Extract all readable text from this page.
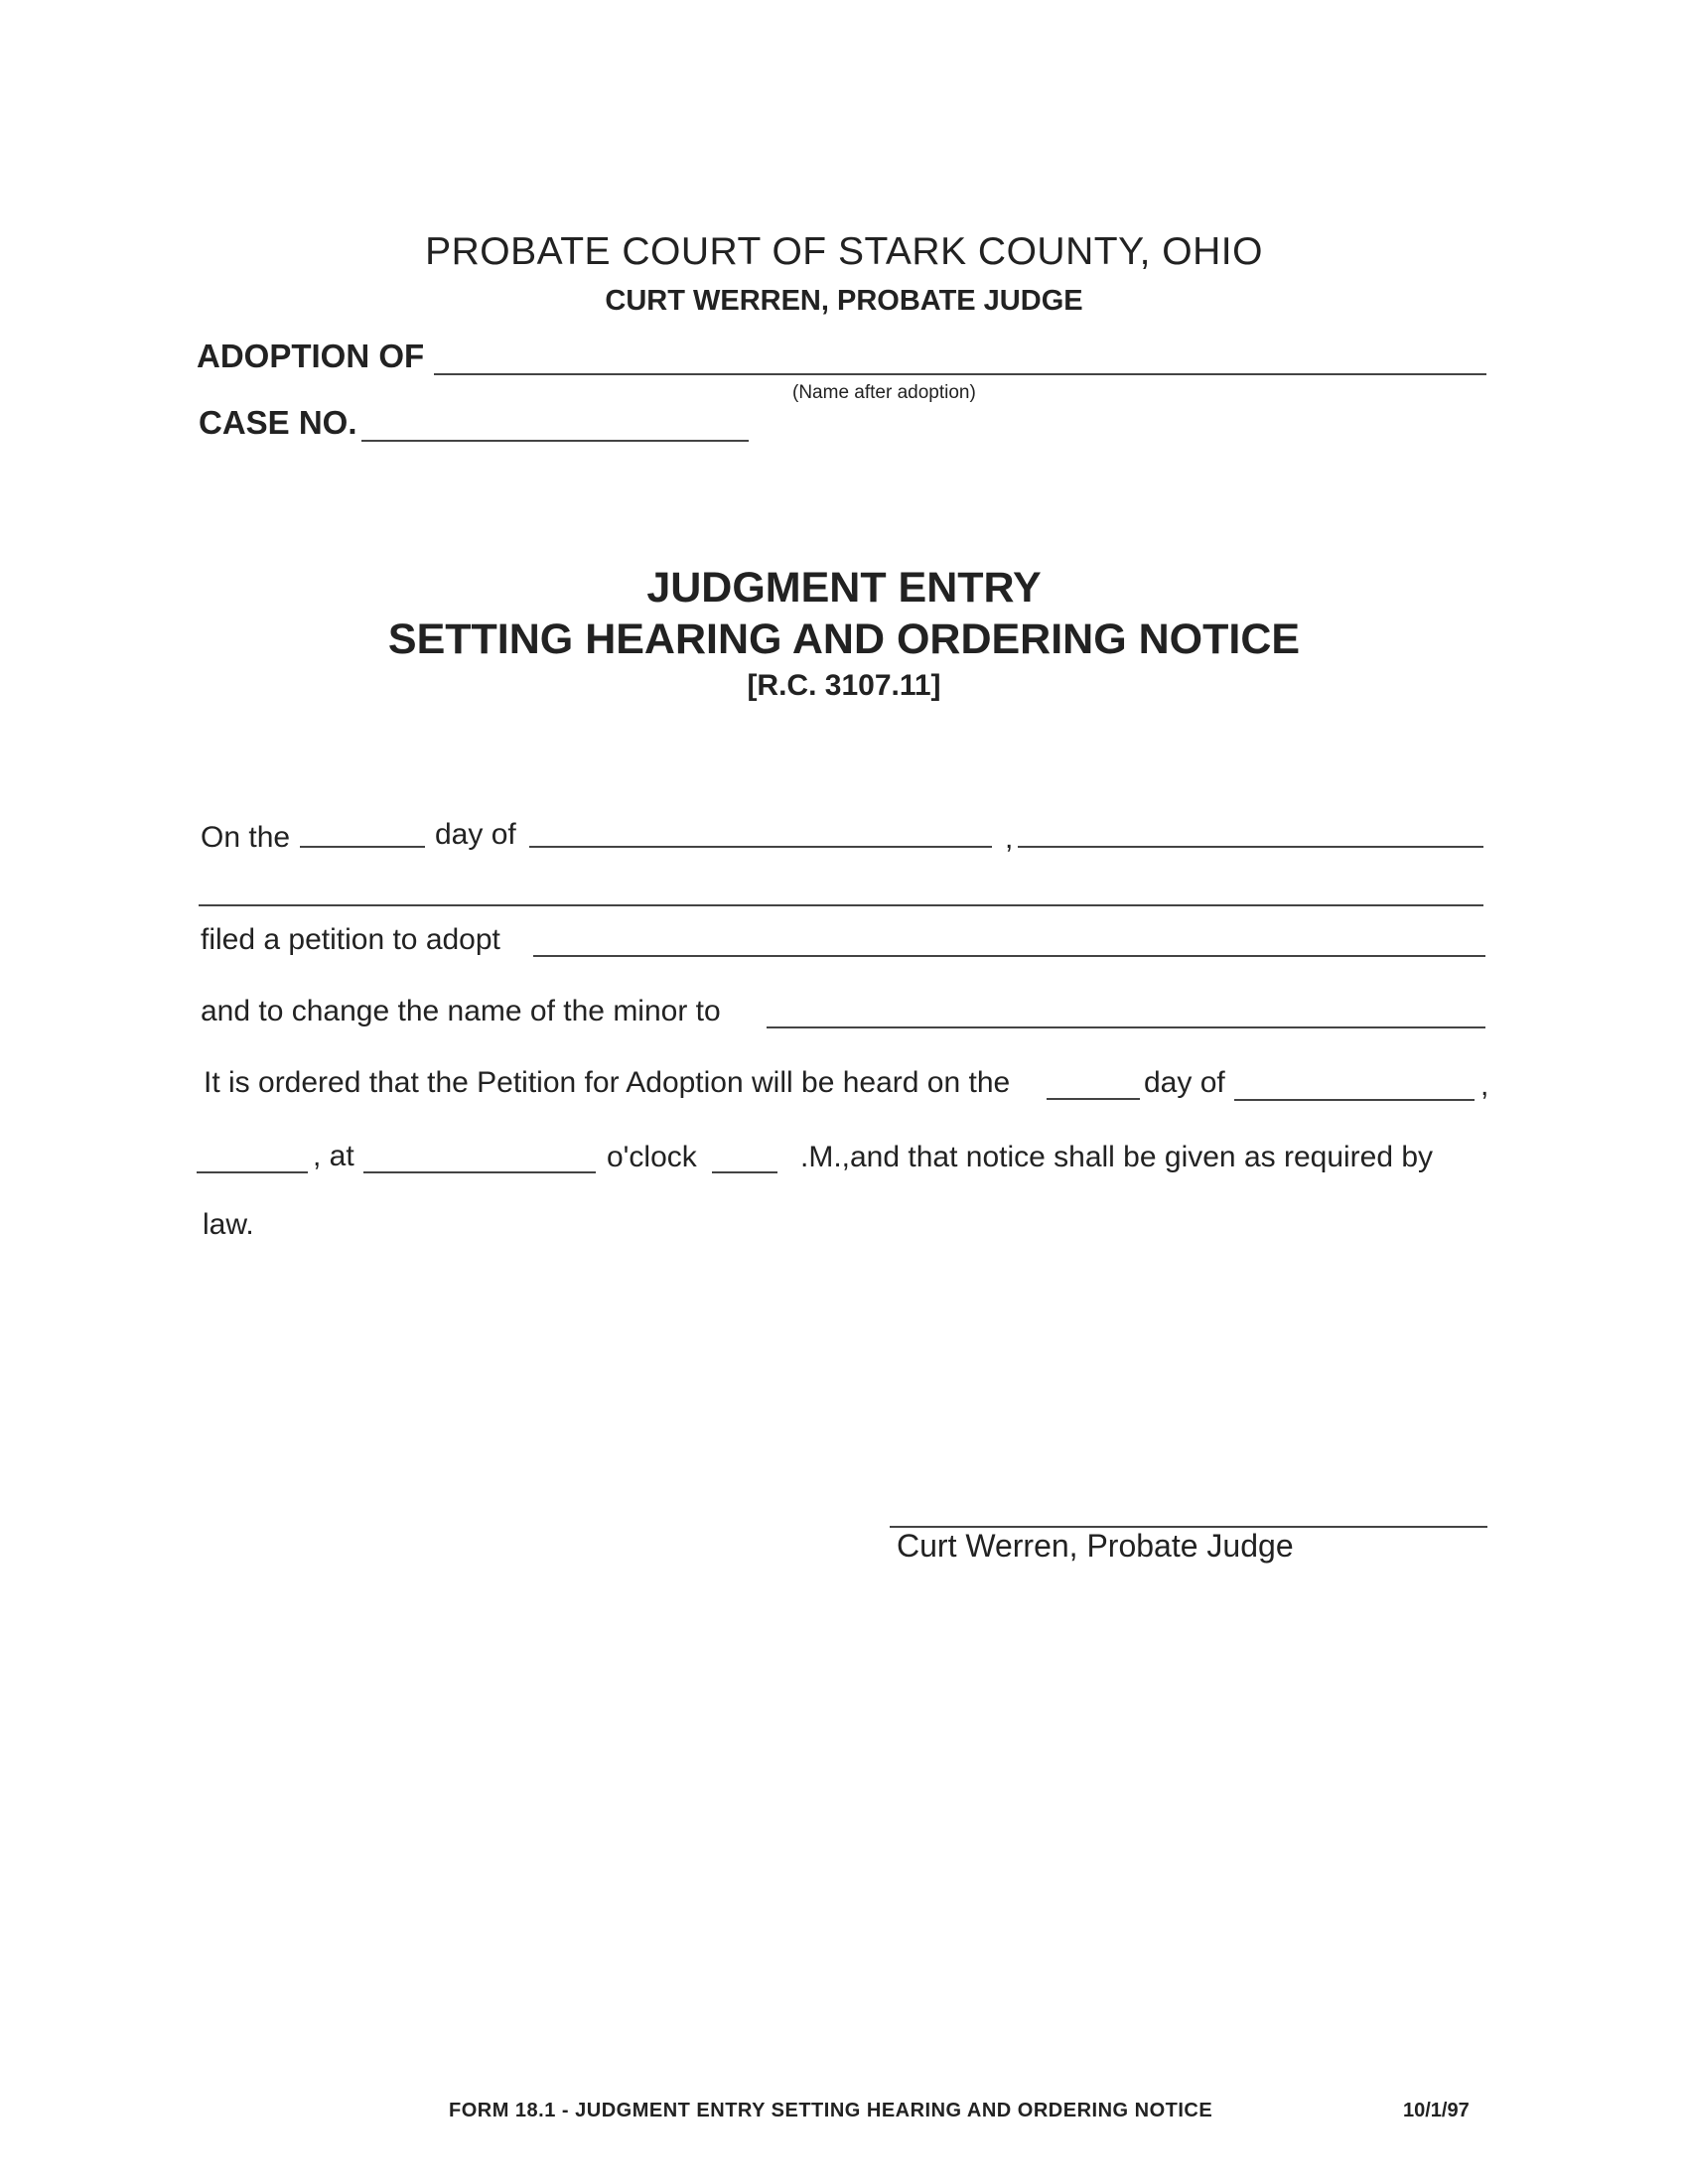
PROBATE COURT OF STARK COUNTY, OHIO
CURT WERREN, PROBATE JUDGE
ADOPTION OF
(Name after adoption)
CASE NO.
JUDGMENT ENTRY
SETTING HEARING AND ORDERING NOTICE
[R.C. 3107.11]
On the	day of	,
filed a petition to adopt
and to change the name of the minor to
It is ordered that the Petition for Adoption will be heard on the	day of	,
, at	o'clock	.M.,and that notice shall be given as required by
law.
Curt Werren, Probate Judge
FORM 18.1 - JUDGMENT ENTRY SETTING HEARING AND ORDERING NOTICE	10/1/97
